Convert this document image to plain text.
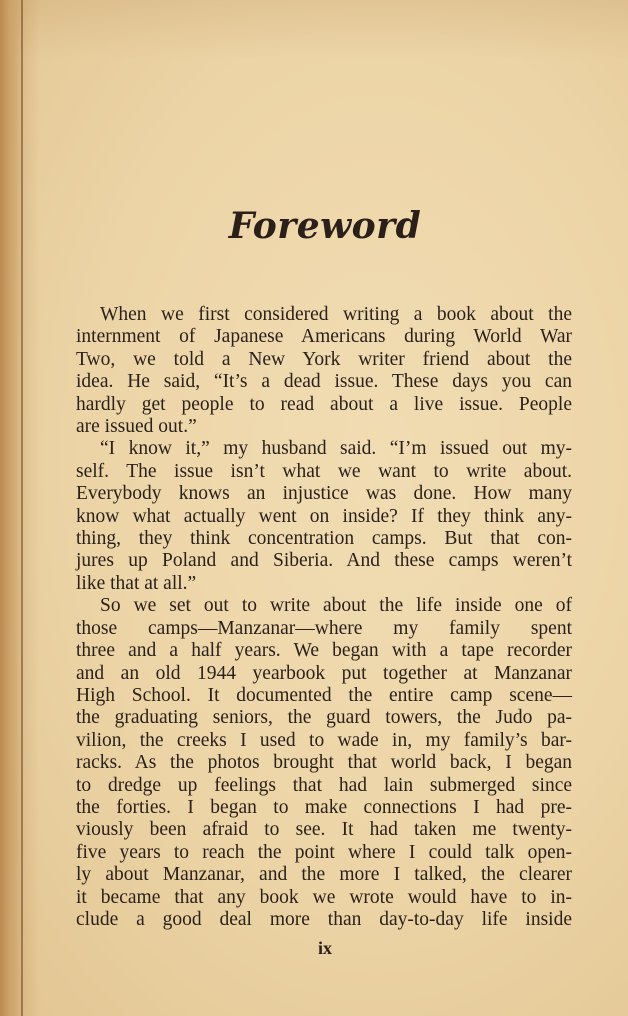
Foreword
When we first considered writing a book about the
internment of Japanese Americans during World War
Two, we told a New York writer friend about the
idea. He said, “It’s a dead issue. These days you can
hardly get people to read about a live issue. People
are issued out.”
“I know it,” my husband said. “I’m issued out my-
self. The issue isn’t what we want to write about.
Everybody knows an injustice was done. How many
know what actually went on inside? If they think any-
thing, they think concentration camps. But that con-
jures up Poland and Siberia. And these camps weren’t
like that at all.”
So we set out to write about the life inside one of
those camps—Manzanar—where my family spent
three and a half years. We began with a tape recorder
and an old 1944 yearbook put together at Manzanar
High School. It documented the entire camp scene—
the graduating seniors, the guard towers, the Judo pa-
vilion, the creeks I used to wade in, my family’s bar-
racks. As the photos brought that world back, I began
to dredge up feelings that had lain submerged since
the forties. I began to make connections I had pre-
viously been afraid to see. It had taken me twenty-
five years to reach the point where I could talk open-
ly about Manzanar, and the more I talked, the clearer
it became that any book we wrote would have to in-
clude a good deal more than day-to-day life inside
ix
